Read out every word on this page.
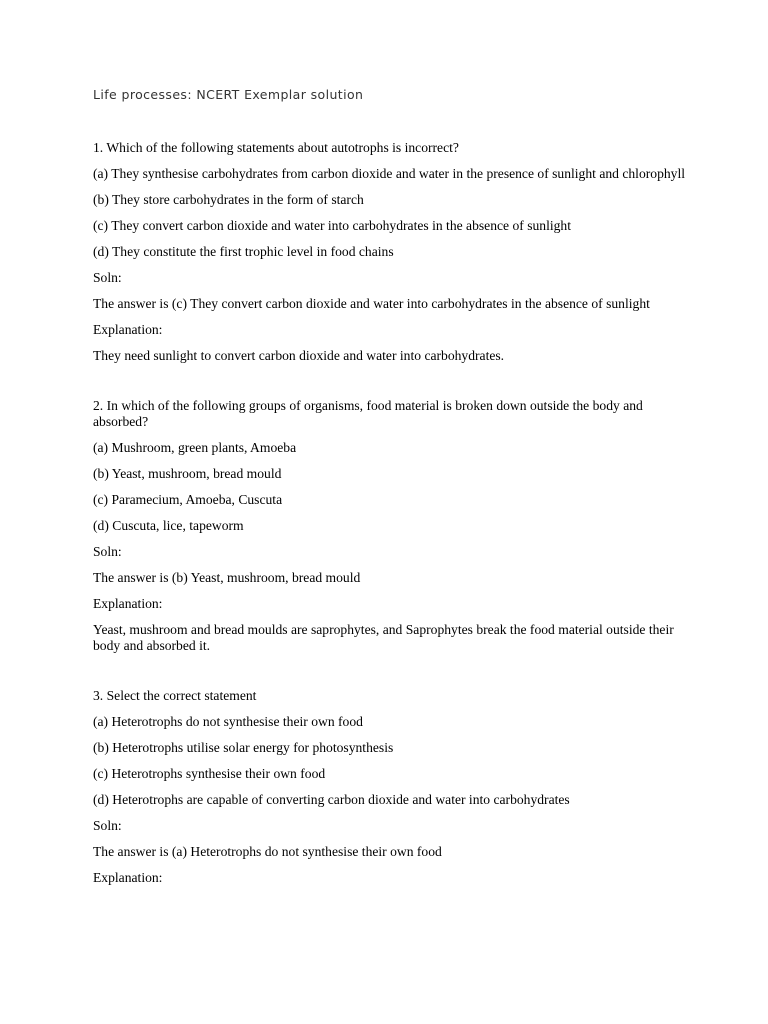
Life processes: NCERT Exemplar solution

1. Which of the following statements about autotrophs is incorrect?

(a) They synthesise carbohydrates from carbon dioxide and water in the presence of sunlight and chlorophyll

(b) They store carbohydrates in the form of starch

(c) They convert carbon dioxide and water into carbohydrates in the absence of sunlight

(d) They constitute the first trophic level in food chains

Soln:

The answer is (c) They convert carbon dioxide and water into carbohydrates in the absence of sunlight

Explanation:

They need sunlight to convert carbon dioxide and water into carbohydrates.

2. In which of the following groups of organisms, food material is broken down outside the body and absorbed?

(a) Mushroom, green plants, Amoeba

(b) Yeast, mushroom, bread mould

(c) Paramecium, Amoeba, Cuscuta

(d) Cuscuta, lice, tapeworm

Soln:

The answer is (b) Yeast, mushroom, bread mould

Explanation:

Yeast, mushroom and bread moulds are saprophytes, and Saprophytes break the food material outside their body and absorbed it.

3. Select the correct statement

(a) Heterotrophs do not synthesise their own food

(b) Heterotrophs utilise solar energy for photosynthesis

(c) Heterotrophs synthesise their own food

(d) Heterotrophs are capable of converting carbon dioxide and water into carbohydrates

Soln:

The answer is (a) Heterotrophs do not synthesise their own food

Explanation:
